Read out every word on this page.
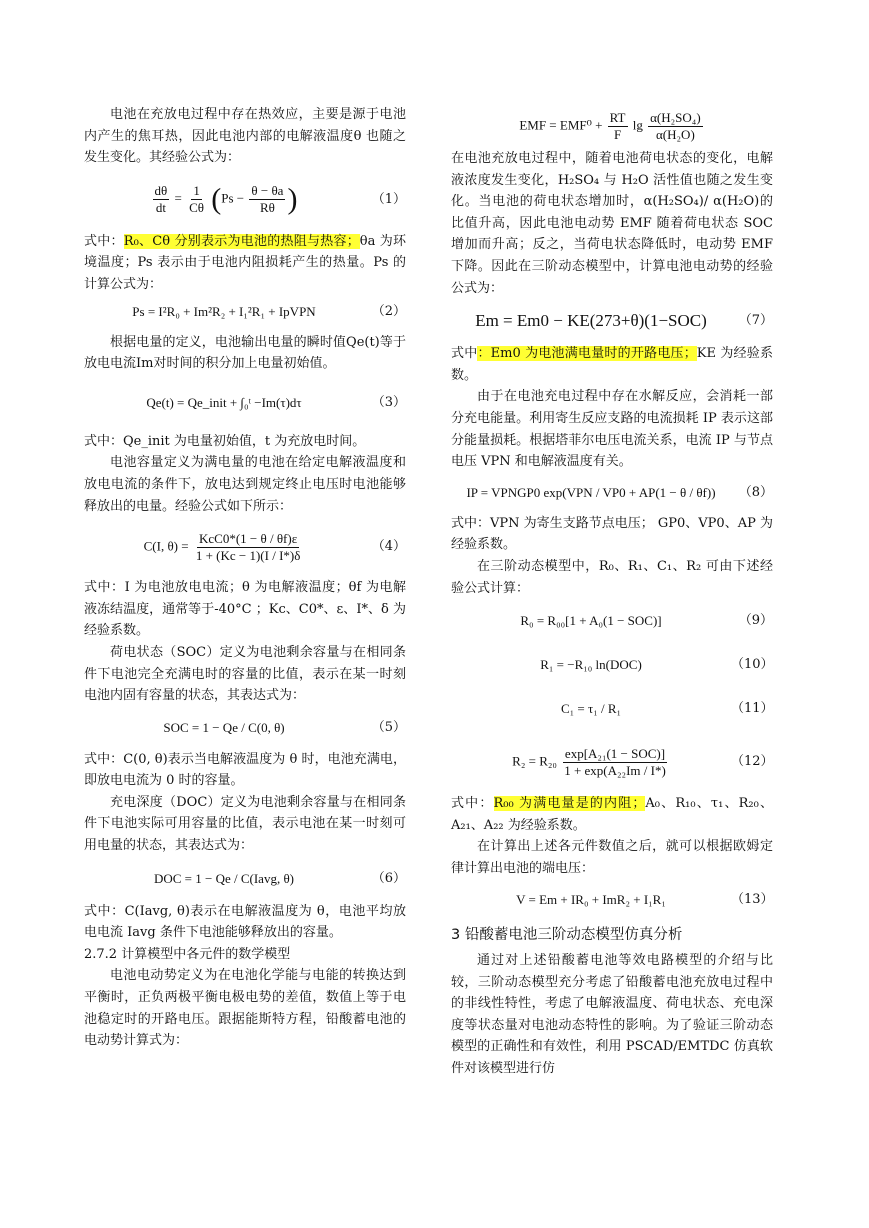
电池在充放电过程中存在热效应，主要是源于电池内产生的焦耳热，因此电池内部的电解液温度θ 也随之发生变化。其经验公式为：

$\frac{d\theta}{dt} = \frac{1}{C\theta} (Ps - \frac{\theta - \theta a}{R\theta}$ )	（1）

式中：R₀、Cθ 分别表示为电池的热阻与热容；θa 为环境温度；Ps 表示由于电池内阻损耗产生的热量。Ps 的计算公式为：

Ps = I²R₀ + Im²R₂ + I₁²R₁ + IpVPN	（2）

根据电量的定义，电池输出电量的瞬时值Qe(t)等于放电电流Im对时间的积分加上电量初始值。

Qe(t) = Qe_init + ∫₀ᵗ −Im(τ)dτ	（3）

式中：Qe_init 为电量初始值，t 为充放电时间。

电池容量定义为满电量的电池在给定电解液温度和放电电流的条件下，放电达到规定终止电压时电池能够释放出的电量。经验公式如下所示：

C(I, $\theta) = \frac{\text{KcC0*(1 − θ / θf)ε}}{1 + (Kc - 1)(I / I*)\delta}$	（4）

式中：I 为电池放电电流；θ 为电解液温度；θf 为电解液冻结温度，通常等于-40°C ；Kc、C0*、ε、I*、δ 为经验系数。

荷电状态（SOC）定义为电池剩余容量与在相同条件下电池完全充满电时的容量的比值，表示在某一时刻电池内固有容量的状态，其表达式为：

SOC = 1 − Qe / C(0, θ)	（5）

式中：C(0, θ)表示当电解液温度为 θ 时，电池充满电，即放电电流为 0 时的容量。

充电深度（DOC）定义为电池剩余容量与在相同条件下电池实际可用容量的比值，表示电池在某一时刻可用电量的状态，其表达式为：

DOC = 1 − Qe / C(Iavg, θ)	（6）

式中：C(Iavg, θ)表示在电解液温度为 θ，电池平均放电电流 Iavg 条件下电池能够释放出的容量。

2.7.2 计算模型中各元件的数学模型

电池电动势定义为在电池化学能与电能的转换达到平衡时，正负两极平衡电极电势的差值，数值上等于电池稳定时的开路电压。跟据能斯特方程，铅酸蓄电池的电动势计算式为：

EMF = $EMF^0 + \frac{RT}{F}$ $\lg \frac{\text{α(H₂SO₄)}}{\text{α(H₂O)}}$

在电池充放电过程中，随着电池荷电状态的变化，电解液浓度发生变化，H₂SO₄ 与 H₂O 活性值也随之发生变化。当电池的荷电状态增加时，α(H₂SO₄)/ α(H₂O)的比值升高，因此电池电动势 EMF 随着荷电状态 SOC 增加而升高；反之，当荷电状态降低时，电动势 EMF 下降。因此在三阶动态模型中，计算电池电动势的经验公式为：

Em = Em0 − KE(273+θ)(1−SOC)	（7）

式中：Em0 为电池满电量时的开路电压；KE 为经验系数。

由于在电池充电过程中存在水解反应，会消耗一部分充电能量。利用寄生反应支路的电流损耗 IP 表示这部分能量损耗。根据塔菲尔电压电流关系，电流 IP 与节点电压 VPN 和电解液温度有关。

IP = VPNGP0 exp(VPN / VP0 + AP(1 − θ / θf))	（8）

式中：VPN 为寄生支路节点电压； GP0、VP0、AP 为经验系数。

在三阶动态模型中，R₀、R₁、C₁、R₂ 可由下述经验公式计算：

R₀ = R₀₀[1 + A₀(1 − SOC)]	（9）
R₁ = −R₁₀ ln(DOC)	（10）
C₁ = τ₁ / R₁	（11）
$R_2 = R_{20} \frac{\text{exp[A₂₁(1 − SOC)]}}{\text{1 + exp(A₂₂Im / I*)}}$	（12）

式中：R₀₀ 为满电量是的内阻；A₀、R₁₀、τ₁、R₂₀、A₂₁、A₂₂ 为经验系数。

在计算出上述各元件数值之后，就可以根据欧姆定律计算出电池的端电压：

V = Em + IR₀ + ImR₂ + I₁R₁	（13）

3 铅酸蓄电池三阶动态模型仿真分析

通过对上述铅酸蓄电池等效电路模型的介绍与比较，三阶动态模型充分考虑了铅酸蓄电池充放电过程中的非线性特性，考虑了电解液温度、荷电状态、充电深度等状态量对电池动态特性的影响。为了验证三阶动态模型的正确性和有效性，利用 PSCAD/EMTDC 仿真软件对该模型进行仿
